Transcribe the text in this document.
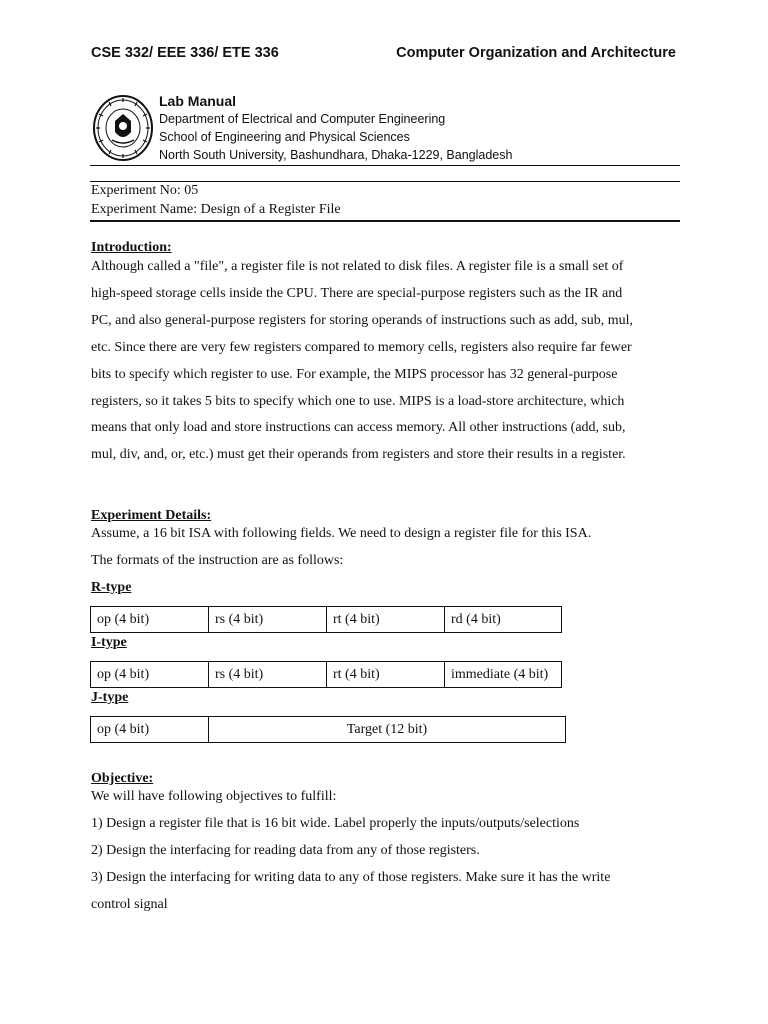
CSE 332/ EEE 336/ ETE 336	Computer Organization and Architecture
Lab Manual
Department of Electrical and Computer Engineering
School of Engineering and Physical Sciences
North South University, Bashundhara, Dhaka-1229, Bangladesh
Experiment No: 05
Experiment Name: Design of a Register File
Introduction:
Although called a "file", a register file is not related to disk files. A register file is a small set of
high-speed storage cells inside the CPU. There are special-purpose registers such as the IR and
PC, and also general-purpose registers for storing operands of instructions such as add, sub, mul,
etc. Since there are very few registers compared to memory cells, registers also require far fewer
bits to specify which register to use. For example, the MIPS processor has 32 general-purpose
registers, so it takes 5 bits to specify which one to use. MIPS is a load-store architecture, which
means that only load and store instructions can access memory. All other instructions (add, sub,
mul, div, and, or, etc.) must get their operands from registers and store their results in a register.
Experiment Details:
Assume, a 16 bit ISA with following fields. We need to design a register file for this ISA.
The formats of the instruction are as follows:
R-type
op (4 bit)	rs (4 bit)	rt (4 bit)	rd (4 bit)
I-type
op (4 bit)	rs (4 bit)	rt (4 bit)	immediate (4 bit)
J-type
op (4 bit)	Target (12 bit)
Objective:
We will have following objectives to fulfill:
1) Design a register file that is 16 bit wide. Label properly the inputs/outputs/selections
2) Design the interfacing for reading data from any of those registers.
3) Design the interfacing for writing data to any of those registers. Make sure it has the write
control signal
